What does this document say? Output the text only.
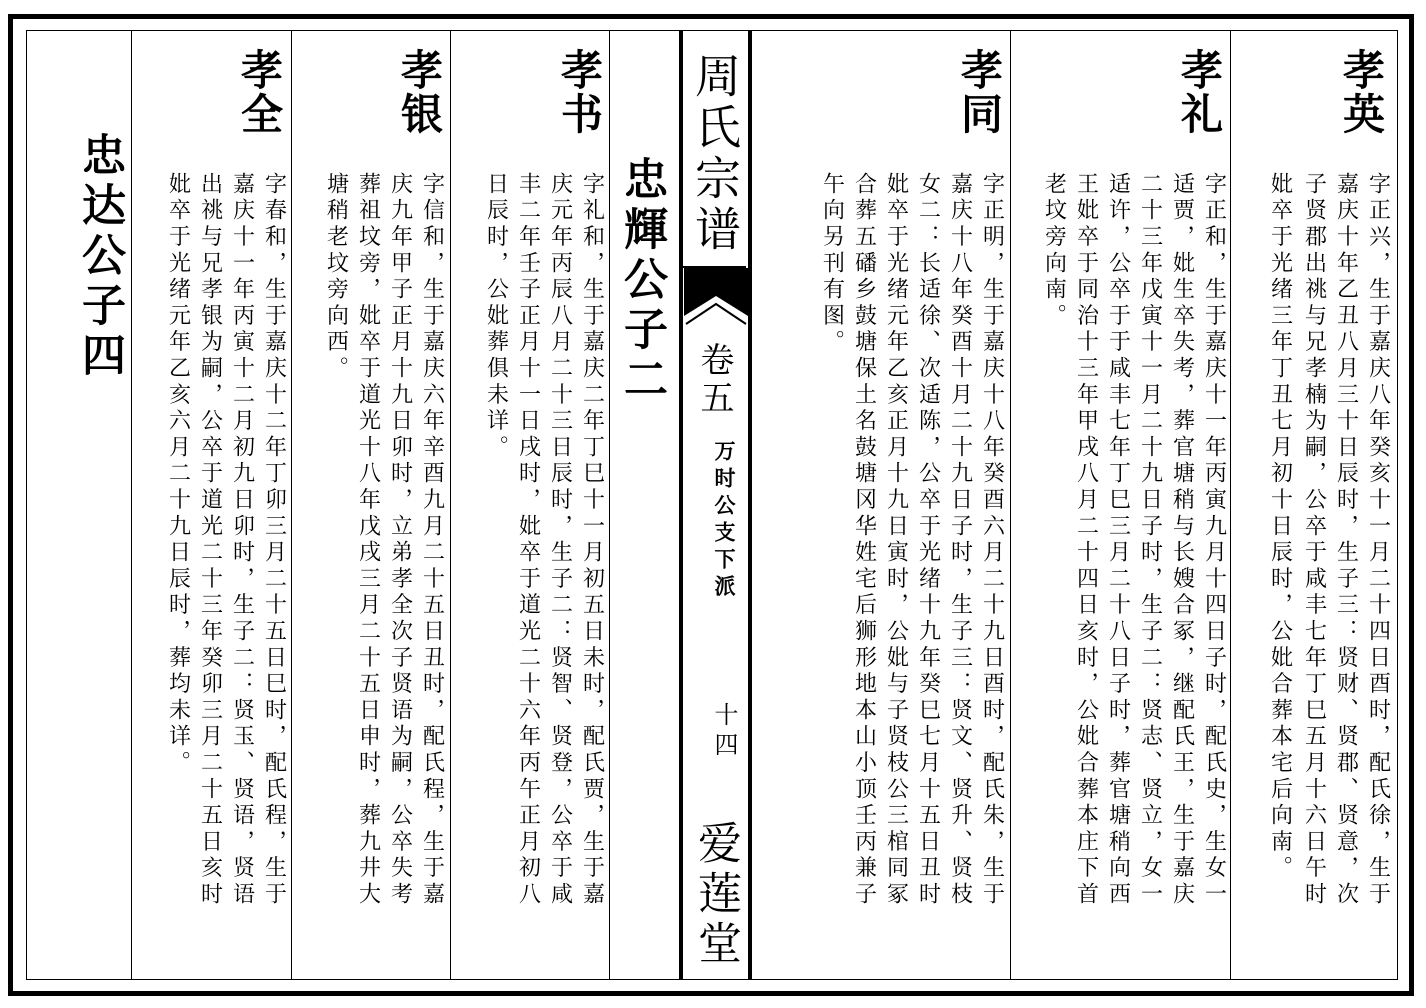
周氏宗谱
卷五
万时公支下派
十四
爱莲堂
孝英
字正兴，生于嘉庆八年癸亥十一月二十四日酉时，配氏徐，生于
嘉庆十年乙丑八月三十日辰时，生子三：贤财、贤郡、贤意，次
子贤郡出祧与兄孝楠为嗣，公卒于咸丰七年丁巳五月十六日午时
妣卒于光绪三年丁丑七月初十日辰时，公妣合葬本宅后向南。
孝礼
字正和，生于嘉庆十一年丙寅九月十四日子时，配氏史，生女一
适贾，妣生卒失考，葬官塘稍与长嫂合冢，继配氏王，生于嘉庆
二十三年戊寅十一月二十九日子时，生子二：贤志、贤立，女一
适许，公卒于于咸丰七年丁巳三月二十八日子时，葬官塘稍向西
王妣卒于同治十三年甲戌八月二十四日亥时，公妣合葬本庄下首
老坟旁向南。
孝同
字正明，生于嘉庆十八年癸酉六月二十九日酉时，配氏朱，生于
嘉庆十八年癸酉十月二十九日子时，生子三：贤文、贤升、贤枝
女二：长适徐、次适陈，公卒于光绪十九年癸巳七月十五日丑时
妣卒于光绪元年乙亥正月十九日寅时，公妣与子贤枝公三棺同冢
合葬五磻乡鼓塘保土名鼓塘冈华姓宅后狮形地本山小顶壬丙兼子
午向另刊有图。
忠輝公子二
孝书
字礼和，生于嘉庆二年丁巳十一月初五日未时，配氏贾，生于嘉
庆元年丙辰八月二十三日辰时，生子二：贤智、贤登，公卒于咸
丰二年壬子正月十一日戌时，妣卒于道光二十六年丙午正月初八
日辰时，公妣葬俱未详。
孝银
字信和，生于嘉庆六年辛酉九月二十五日丑时，配氏程，生于嘉
庆九年甲子正月十九日卯时，立弟孝全次子贤语为嗣，公卒失考
葬祖坟旁，妣卒于道光十八年戊戌三月二十五日申时，葬九井大
塘稍老坟旁向西。
孝全
字春和，生于嘉庆十二年丁卯三月二十五日巳时，配氏程，生于
嘉庆十一年丙寅十二月初九日卯时，生子二：贤玉、贤语，贤语
出祧与兄孝银为嗣，公卒于道光二十三年癸卯三月二十五日亥时
妣卒于光绪元年乙亥六月二十九日辰时，葬均未详。
忠达公子四
